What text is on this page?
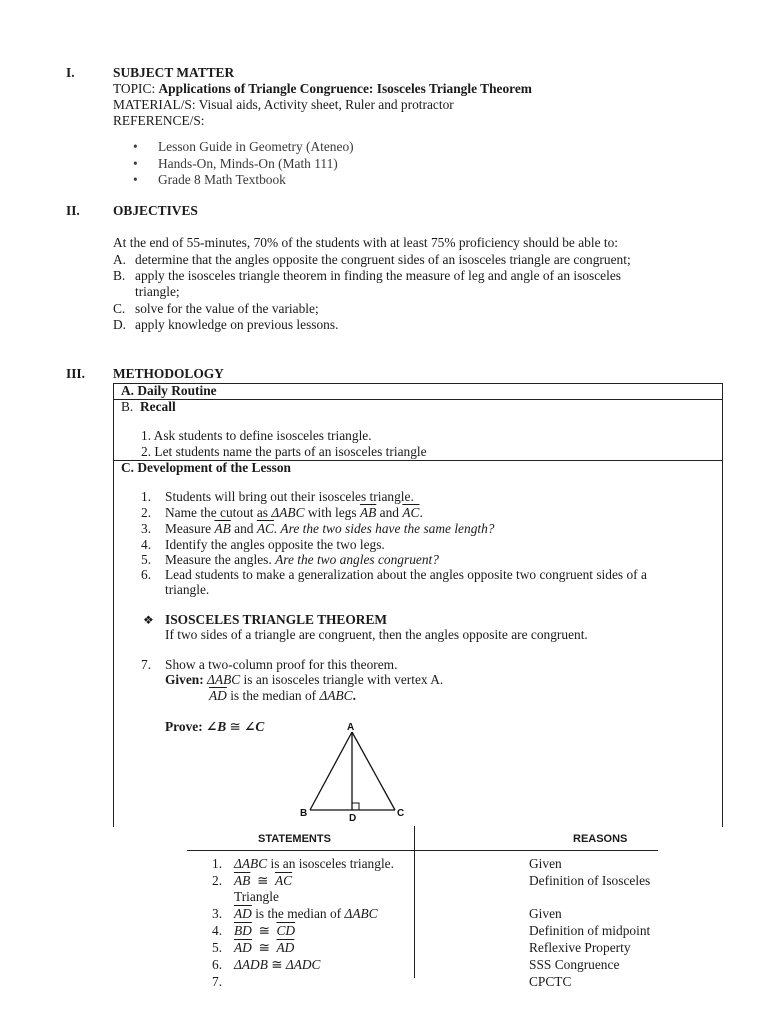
I.	SUBJECT MATTER
TOPIC: Applications of Triangle Congruence: Isosceles Triangle Theorem
MATERIAL/S: Visual aids, Activity sheet, Ruler and protractor
REFERENCE/S:
• Lesson Guide in Geometry (Ateneo)
• Hands-On, Minds-On (Math 111)
• Grade 8 Math Textbook
II. OBJECTIVES
At the end of 55-minutes, 70% of the students with at least 75% proficiency should be able to:
A. determine that the angles opposite the congruent sides of an isosceles triangle are congruent;
B. apply the isosceles triangle theorem in finding the measure of leg and angle of an isosceles
triangle;
C. solve for the value of the variable;
D. apply knowledge on previous lessons.
III. METHODOLOGY
A. Daily Routine
B. Recall
1. Ask students to define isosceles triangle.
2. Let students name the parts of an isosceles triangle
C. Development of the Lesson
1. Students will bring out their isosceles triangle.
2. Name the cutout as ΔABC with legs $\overline{AB}$ and $\overline{AC}$.
3. Measure $\overline{AB}$ and $\overline{AC}$. Are the two sides have the same length?
4. Identify the angles opposite the two legs.
5. Measure the angles. Are the two angles congruent?
6. Lead students to make a generalization about the angles opposite two congruent sides of a
triangle.
❖ ISOSCELES TRIANGLE THEOREM
If two sides of a triangle are congruent, then the angles opposite are congruent.
7. Show a two-column proof for this theorem.
Given: ΔABC is an isosceles triangle with vertex A.
$\overline{AD}$ is the median of ΔABC.
Prove: ∠B ≅ ∠C	A
B	C
D
STATEMENTS	REASONS
1. ΔABC is an isosceles triangle.	Given
2. $\overline{AB}$ ≅ $\overline{AC}$	Definition of Isosceles
Triangle
3. $\overline{AD}$ is the median of ΔABC	Given
4. $\overline{BD}$ ≅ $\overline{CD}$	Definition of midpoint
5. $\overline{AD}$ ≅ $\overline{AD}$	Reflexive Property
6. ΔADB ≅ ΔADC	SSS Congruence
7.	CPCTC
